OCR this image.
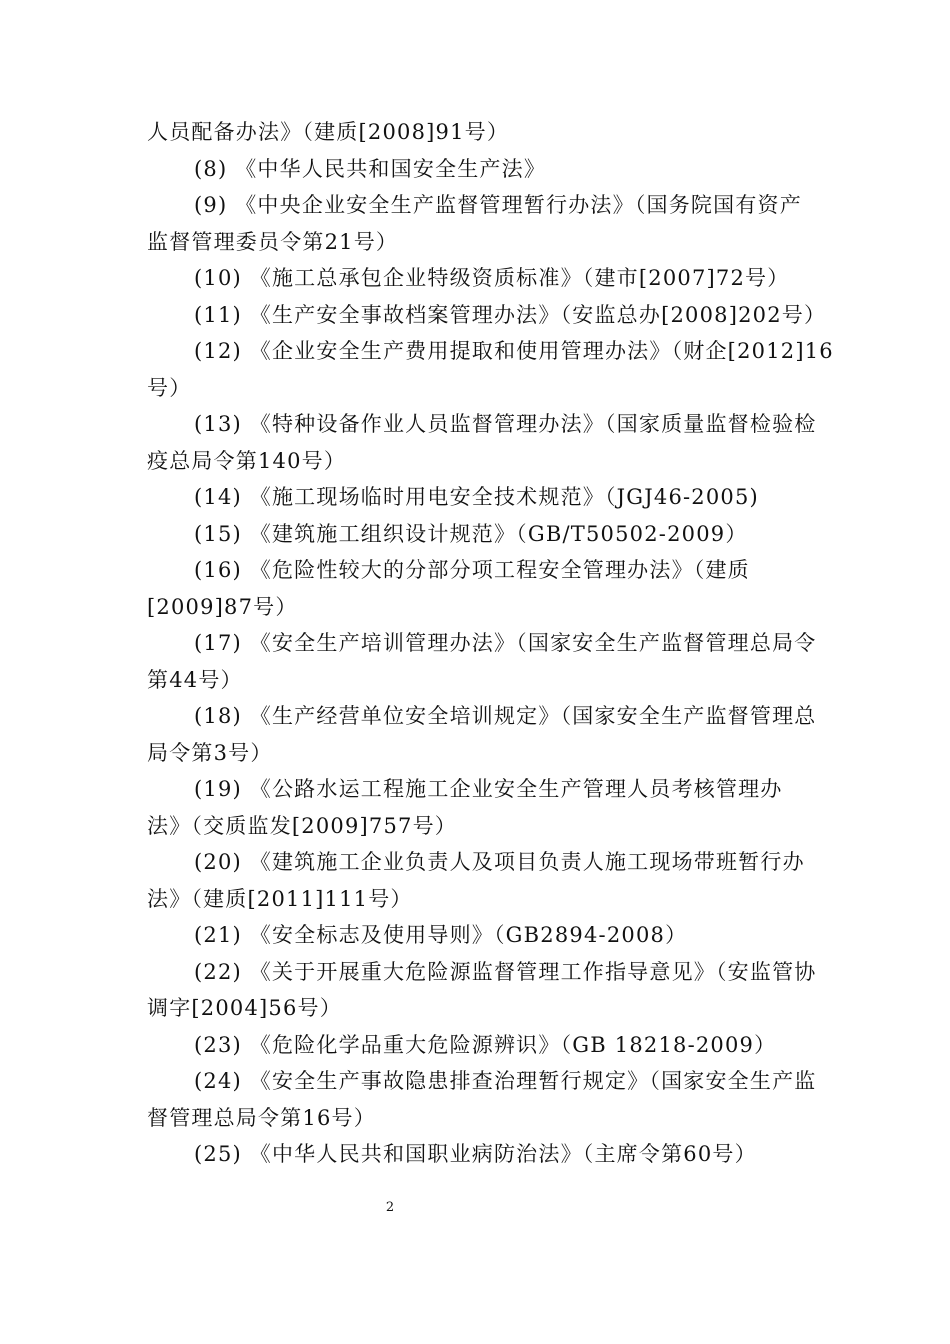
人员配备办法》（建质[2008]91号）
(8) 《中华人民共和国安全生产法》
(9) 《中央企业安全生产监督管理暂行办法》（国务院国有资产
监督管理委员令第21号）
(10) 《施工总承包企业特级资质标准》（建市[2007]72号）
(11) 《生产安全事故档案管理办法》（安监总办[2008]202号）
(12) 《企业安全生产费用提取和使用管理办法》（财企[2012]16
号）
(13) 《特种设备作业人员监督管理办法》（国家质量监督检验检
疫总局令第140号）
(14) 《施工现场临时用电安全技术规范》（JGJ46-2005)
(15) 《建筑施工组织设计规范》（GB/T50502-2009）
(16) 《危险性较大的分部分项工程安全管理办法》（建质
[2009]87号）
(17) 《安全生产培训管理办法》（国家安全生产监督管理总局令
第44号）
(18) 《生产经营单位安全培训规定》（国家安全生产监督管理总
局令第3号）
(19) 《公路水运工程施工企业安全生产管理人员考核管理办
法》（交质监发[2009]757号）
(20) 《建筑施工企业负责人及项目负责人施工现场带班暂行办
法》（建质[2011]111号）
(21) 《安全标志及使用导则》（GB2894-2008）
(22) 《关于开展重大危险源监督管理工作指导意见》（安监管协
调字[2004]56号）
(23) 《危险化学品重大危险源辨识》（GB 18218-2009）
(24) 《安全生产事故隐患排查治理暂行规定》（国家安全生产监
督管理总局令第16号）
(25) 《中华人民共和国职业病防治法》（主席令第60号）
2
